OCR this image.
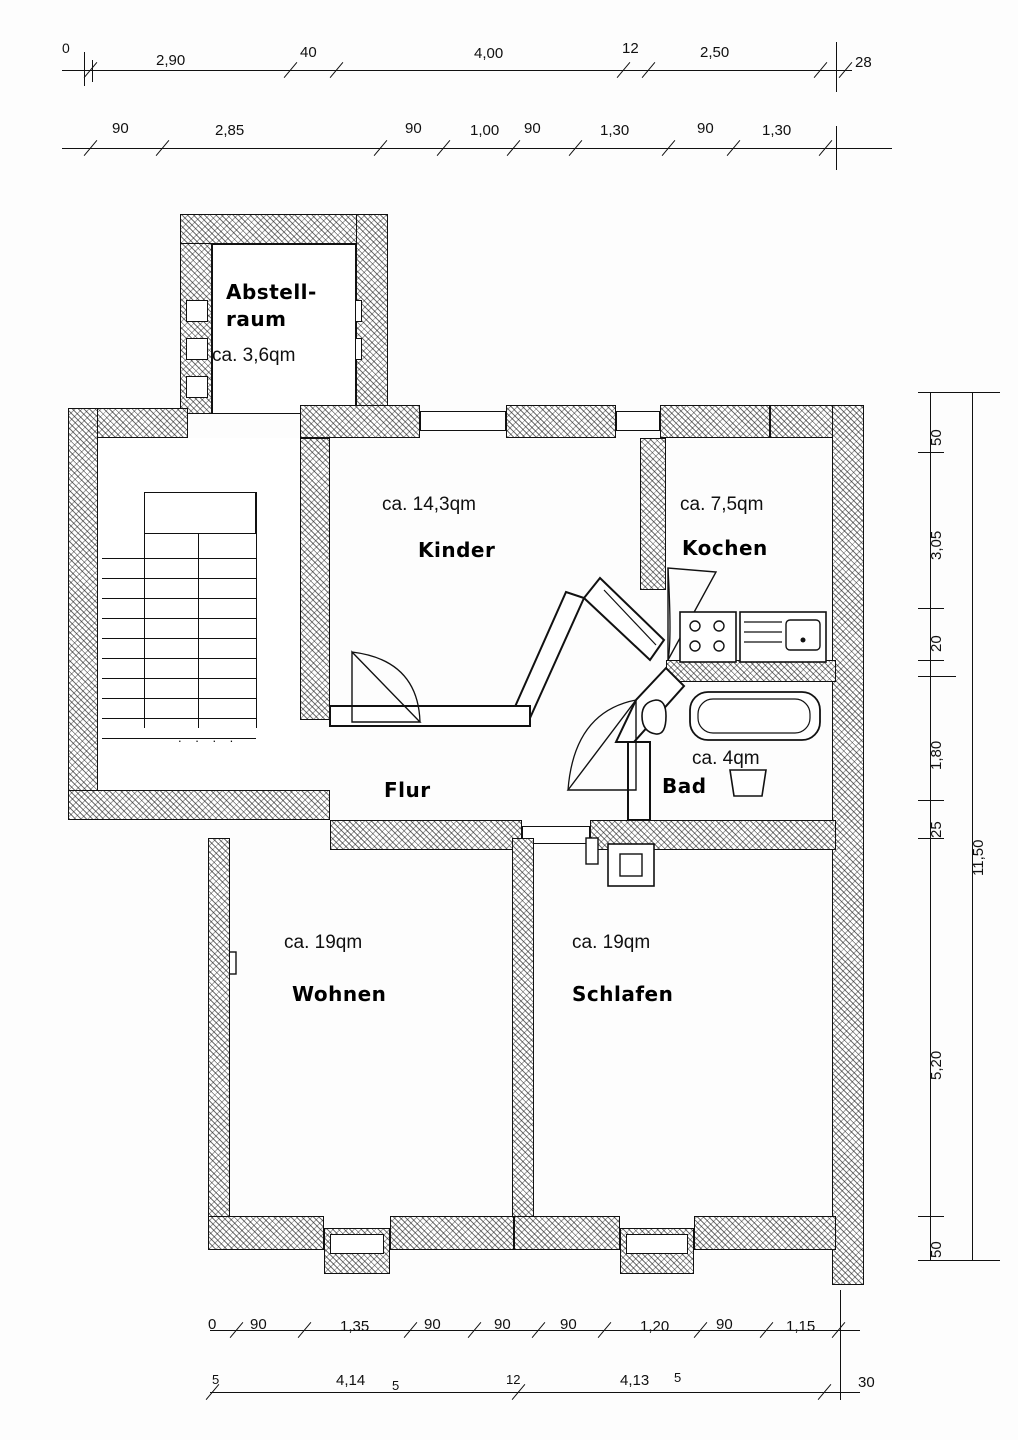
0
2,90	40	4,00	12	2,50
28
90	2,85	90	1,00 90	1,30	90	1,30
Abstell-
raum
ca. 3,6qm
. . . .
ca. 14,3qm
Kinder
ca. 7,5qm
Kochen
ca. 4qm
Bad
Flur
ca. 19qm
Wohnen
ca. 19qm
Schlafen
50
3,05
20
1,80
25
5,20
50
11,50
0 90	1,35	90	90	90	1,20	90	1,15
5	4,14 5	12	4,13 5	30
